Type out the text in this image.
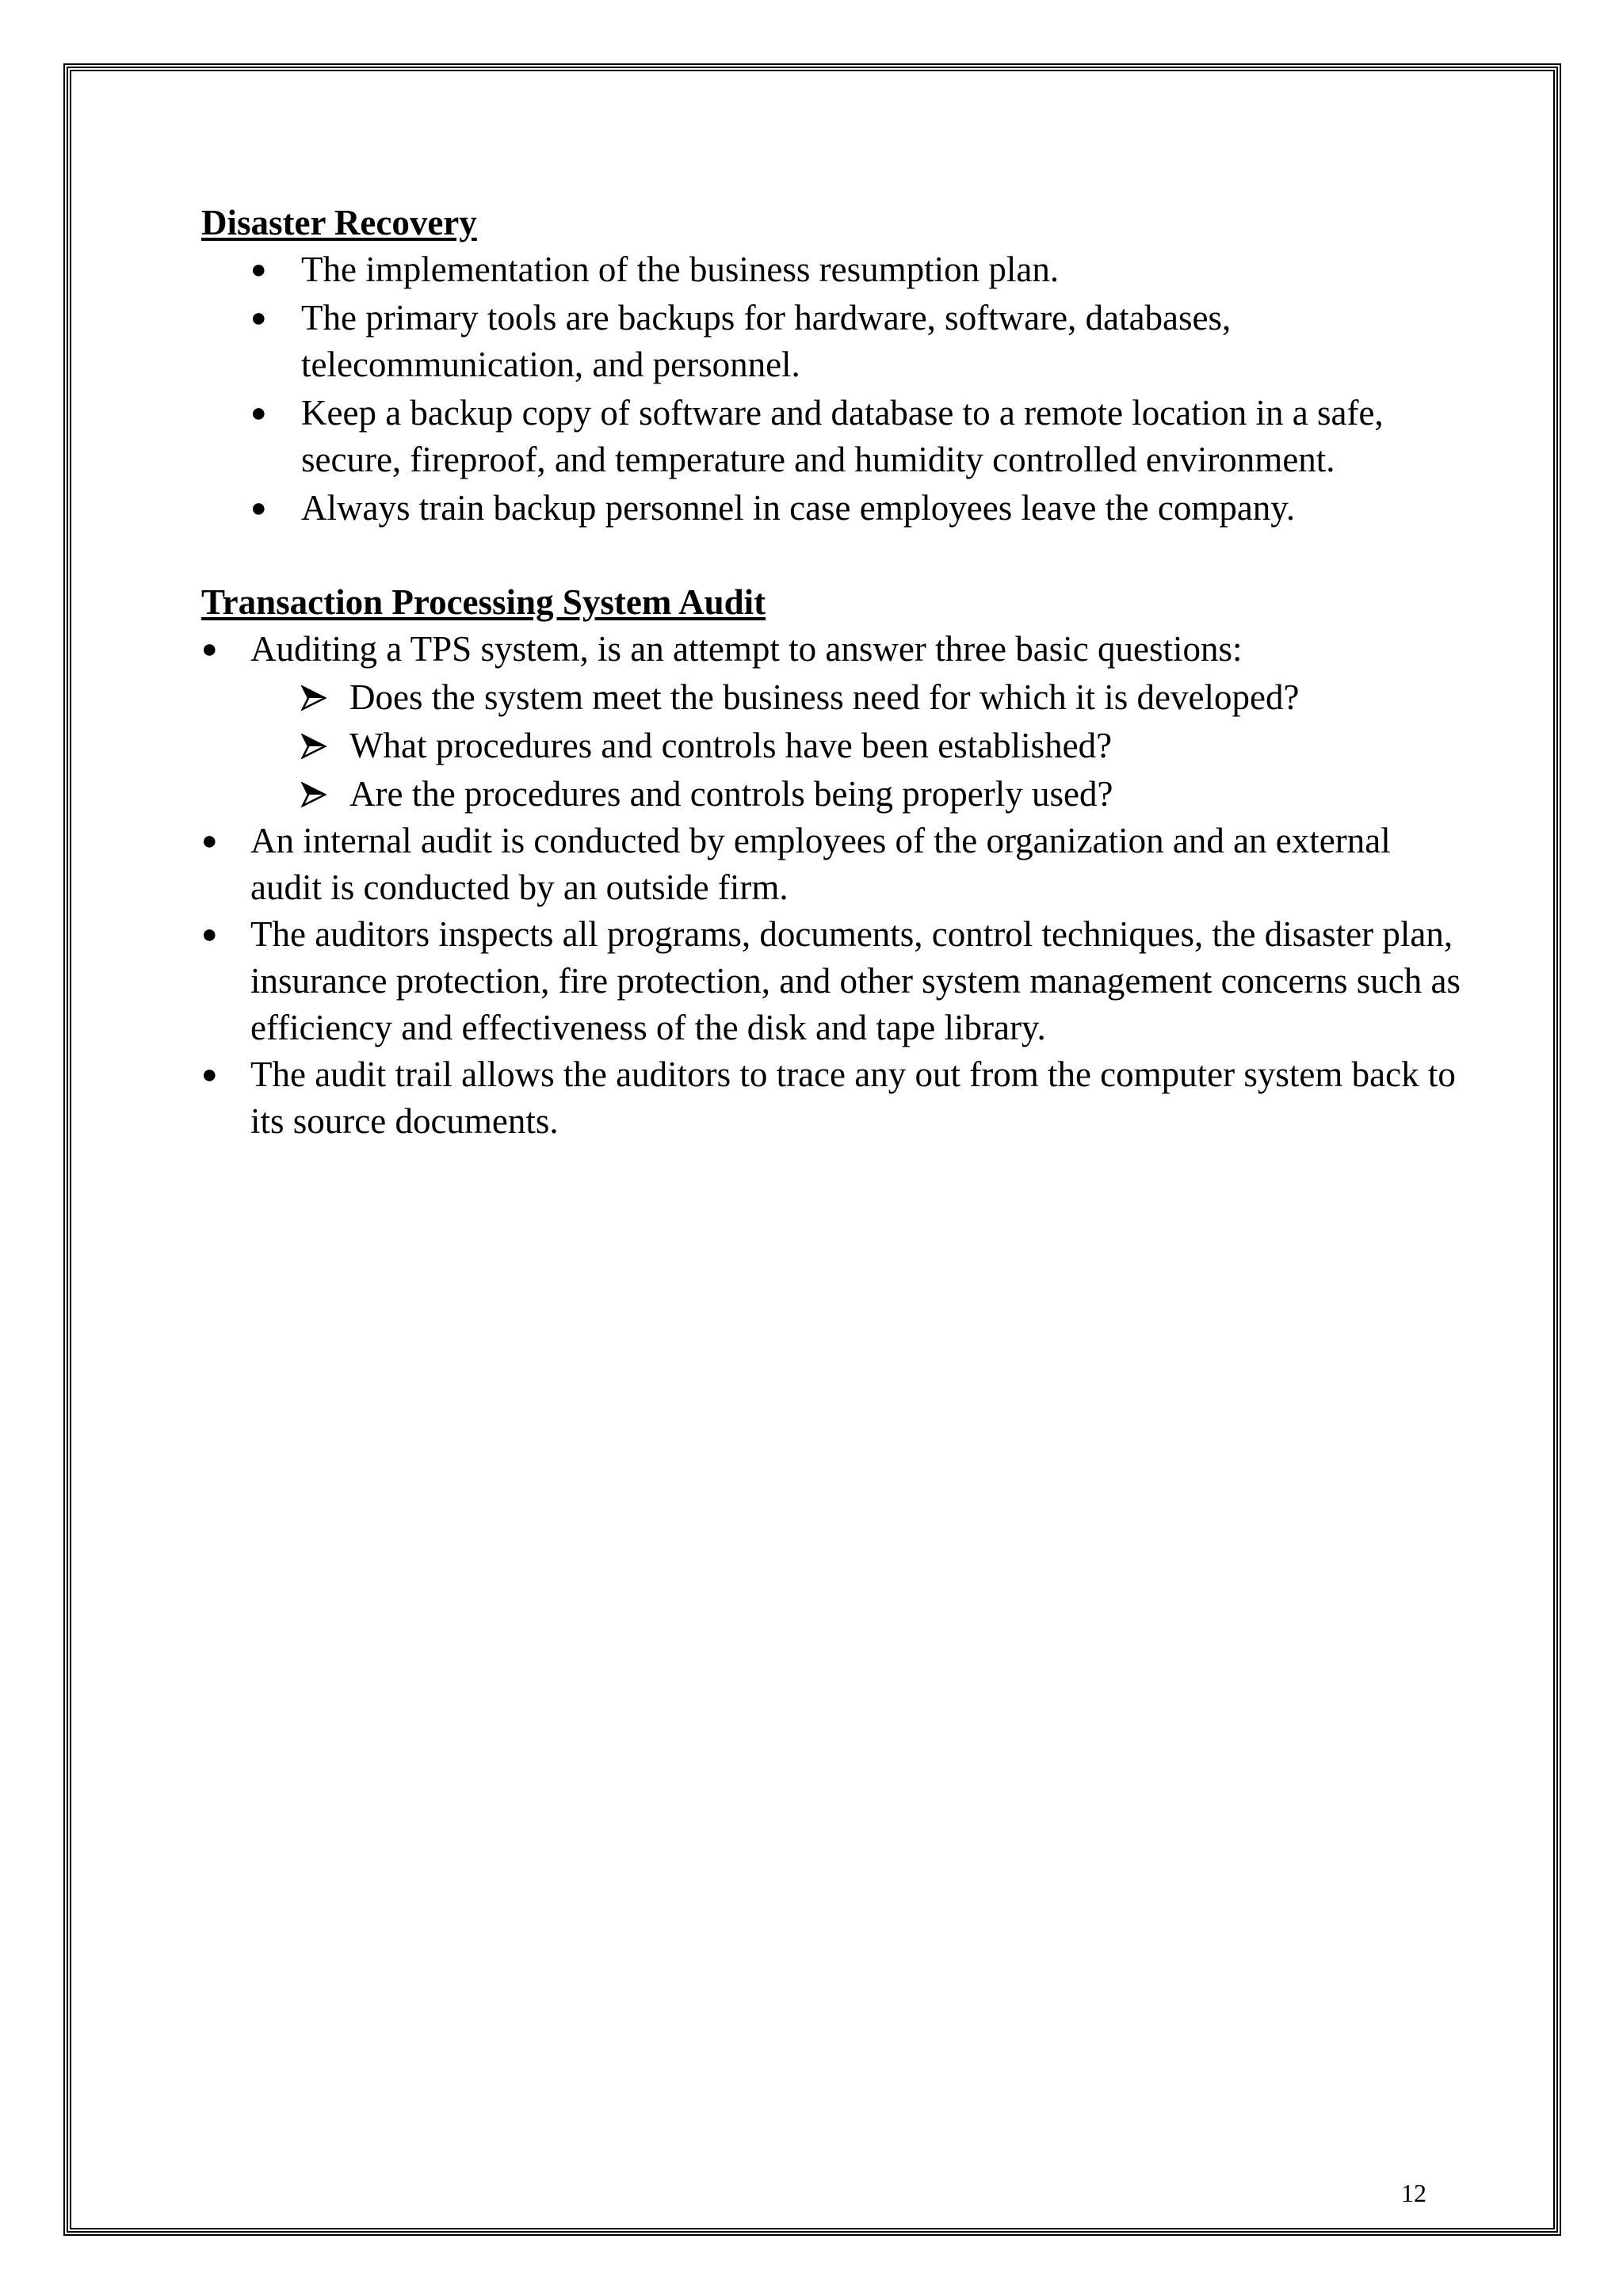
Disaster Recovery
● The implementation of the business resumption plan.
● The primary tools are backups for hardware, software, databases, telecommunication, and personnel.
● Keep a backup copy of software and database to a remote location in a safe, secure, fireproof, and temperature and humidity controlled environment.
● Always train backup personnel in case employees leave the company.
Transaction Processing System Audit
● Auditing a TPS system, is an attempt to answer three basic questions:
Does the system meet the business need for which it is developed?
What procedures and controls have been established?
Are the procedures and controls being properly used?
● An internal audit is conducted by employees of the organization and an external audit is conducted by an outside firm.
● The auditors inspects all programs, documents, control techniques, the disaster plan, insurance protection, fire protection, and other system management concerns such as efficiency and effectiveness of the disk and tape library.
● The audit trail allows the auditors to trace any out from the computer system back to its source documents.
12
